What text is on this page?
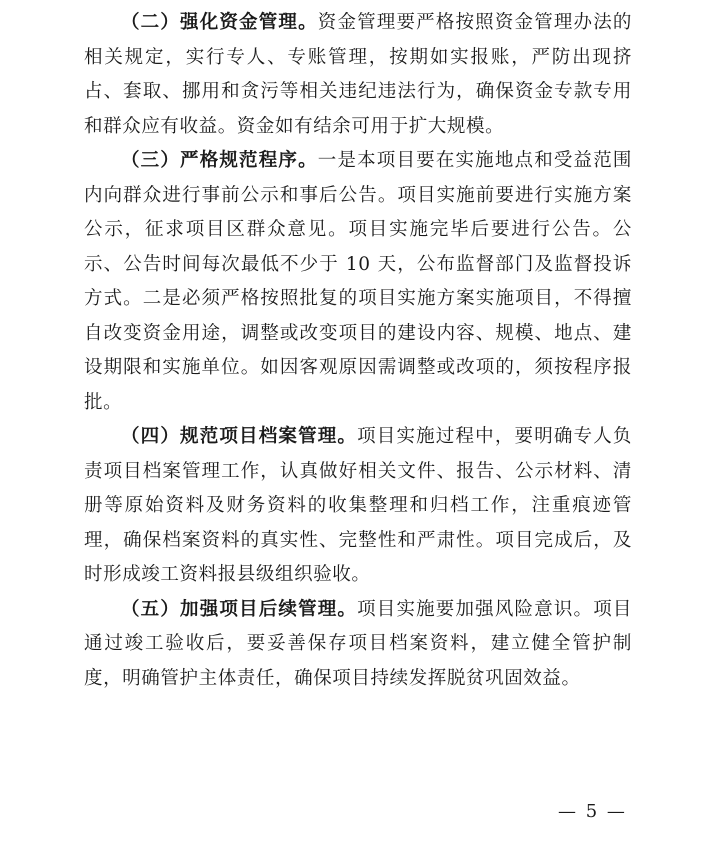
（二）强化资金管理。资金管理要严格按照资金管理办法的相关规定，实行专人、专账管理，按期如实报账，严防出现挤占、套取、挪用和贪污等相关违纪违法行为，确保资金专款专用和群众应有收益。资金如有结余可用于扩大规模。

（三）严格规范程序。一是本项目要在实施地点和受益范围内向群众进行事前公示和事后公告。项目实施前要进行实施方案公示，征求项目区群众意见。项目实施完毕后要进行公告。公示、公告时间每次最低不少于 10 天，公布监督部门及监督投诉方式。二是必须严格按照批复的项目实施方案实施项目，不得擅自改变资金用途，调整或改变项目的建设内容、规模、地点、建设期限和实施单位。如因客观原因需调整或改项的，须按程序报批。

（四）规范项目档案管理。项目实施过程中，要明确专人负责项目档案管理工作，认真做好相关文件、报告、公示材料、清册等原始资料及财务资料的收集整理和归档工作，注重痕迹管理，确保档案资料的真实性、完整性和严肃性。项目完成后，及时形成竣工资料报县级组织验收。

（五）加强项目后续管理。项目实施要加强风险意识。项目通过竣工验收后，要妥善保存项目档案资料，建立健全管护制度，明确管护主体责任，确保项目持续发挥脱贫巩固效益。

— 5 —
